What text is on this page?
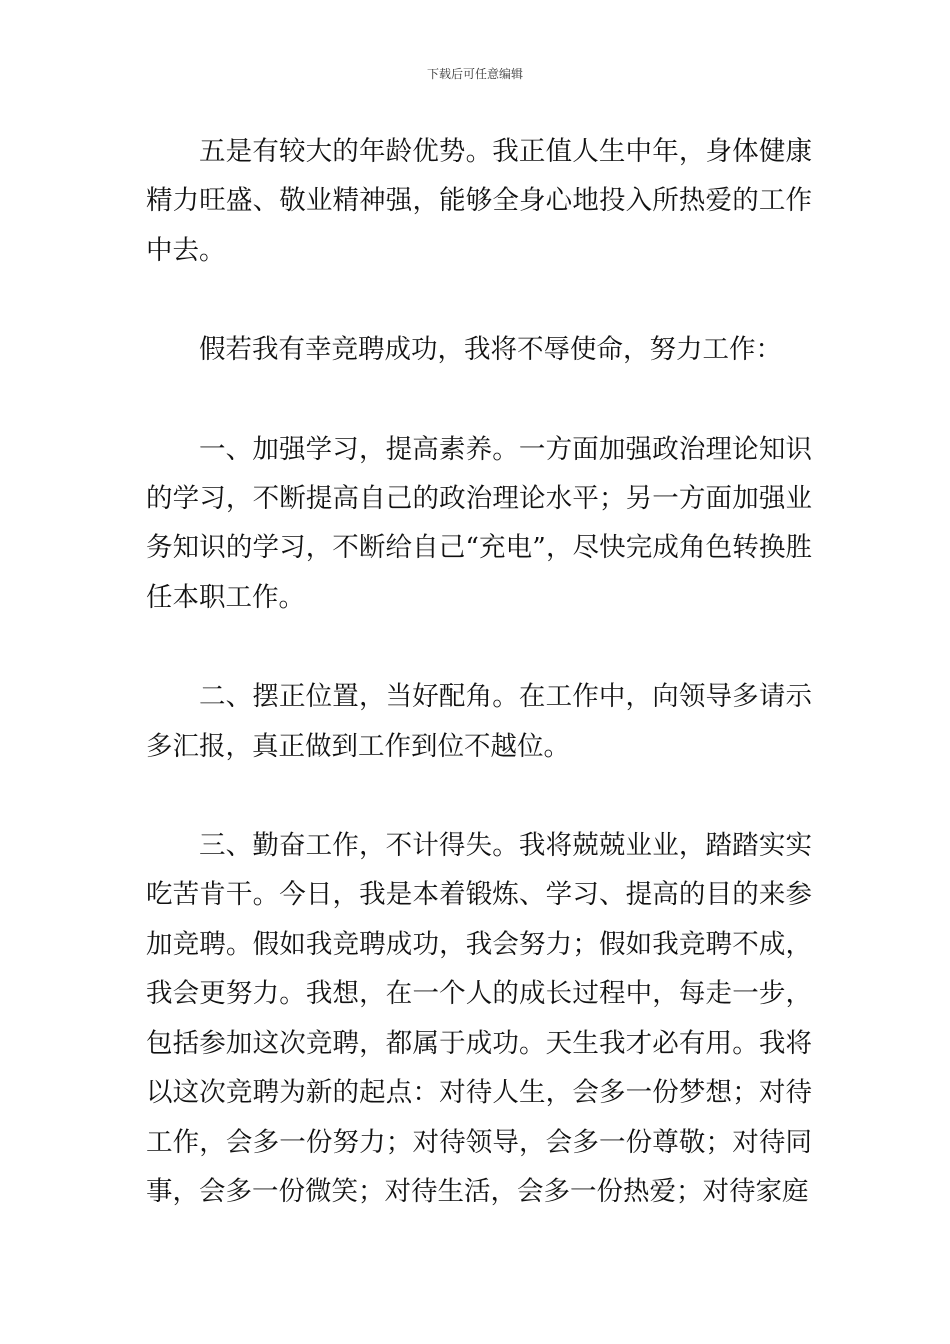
下载后可任意编辑

五是有较大的年龄优势。我正值人生中年，身体健康精力旺盛、敬业精神强，能够全身心地投入所热爱的工作中去。

假若我有幸竞聘成功，我将不辱使命，努力工作：

一、加强学习，提高素养。一方面加强政治理论知识的学习，不断提高自己的政治理论水平；另一方面加强业务知识的学习，不断给自己“充电”，尽快完成角色转换胜任本职工作。

二、摆正位置，当好配角。在工作中，向领导多请示多汇报，真正做到工作到位不越位。

三、勤奋工作，不计得失。我将兢兢业业，踏踏实实吃苦肯干。今日，我是本着锻炼、学习、提高的目的来参加竞聘。假如我竞聘成功，我会努力；假如我竞聘不成，我会更努力。我想，在一个人的成长过程中，每走一步，包括参加这次竞聘，都属于成功。天生我才必有用。我将以这次竞聘为新的起点：对待人生，会多一份梦想；对待工作，会多一份努力；对待领导，会多一份尊敬；对待同事，会多一份微笑；对待生活，会多一份热爱；对待家庭
